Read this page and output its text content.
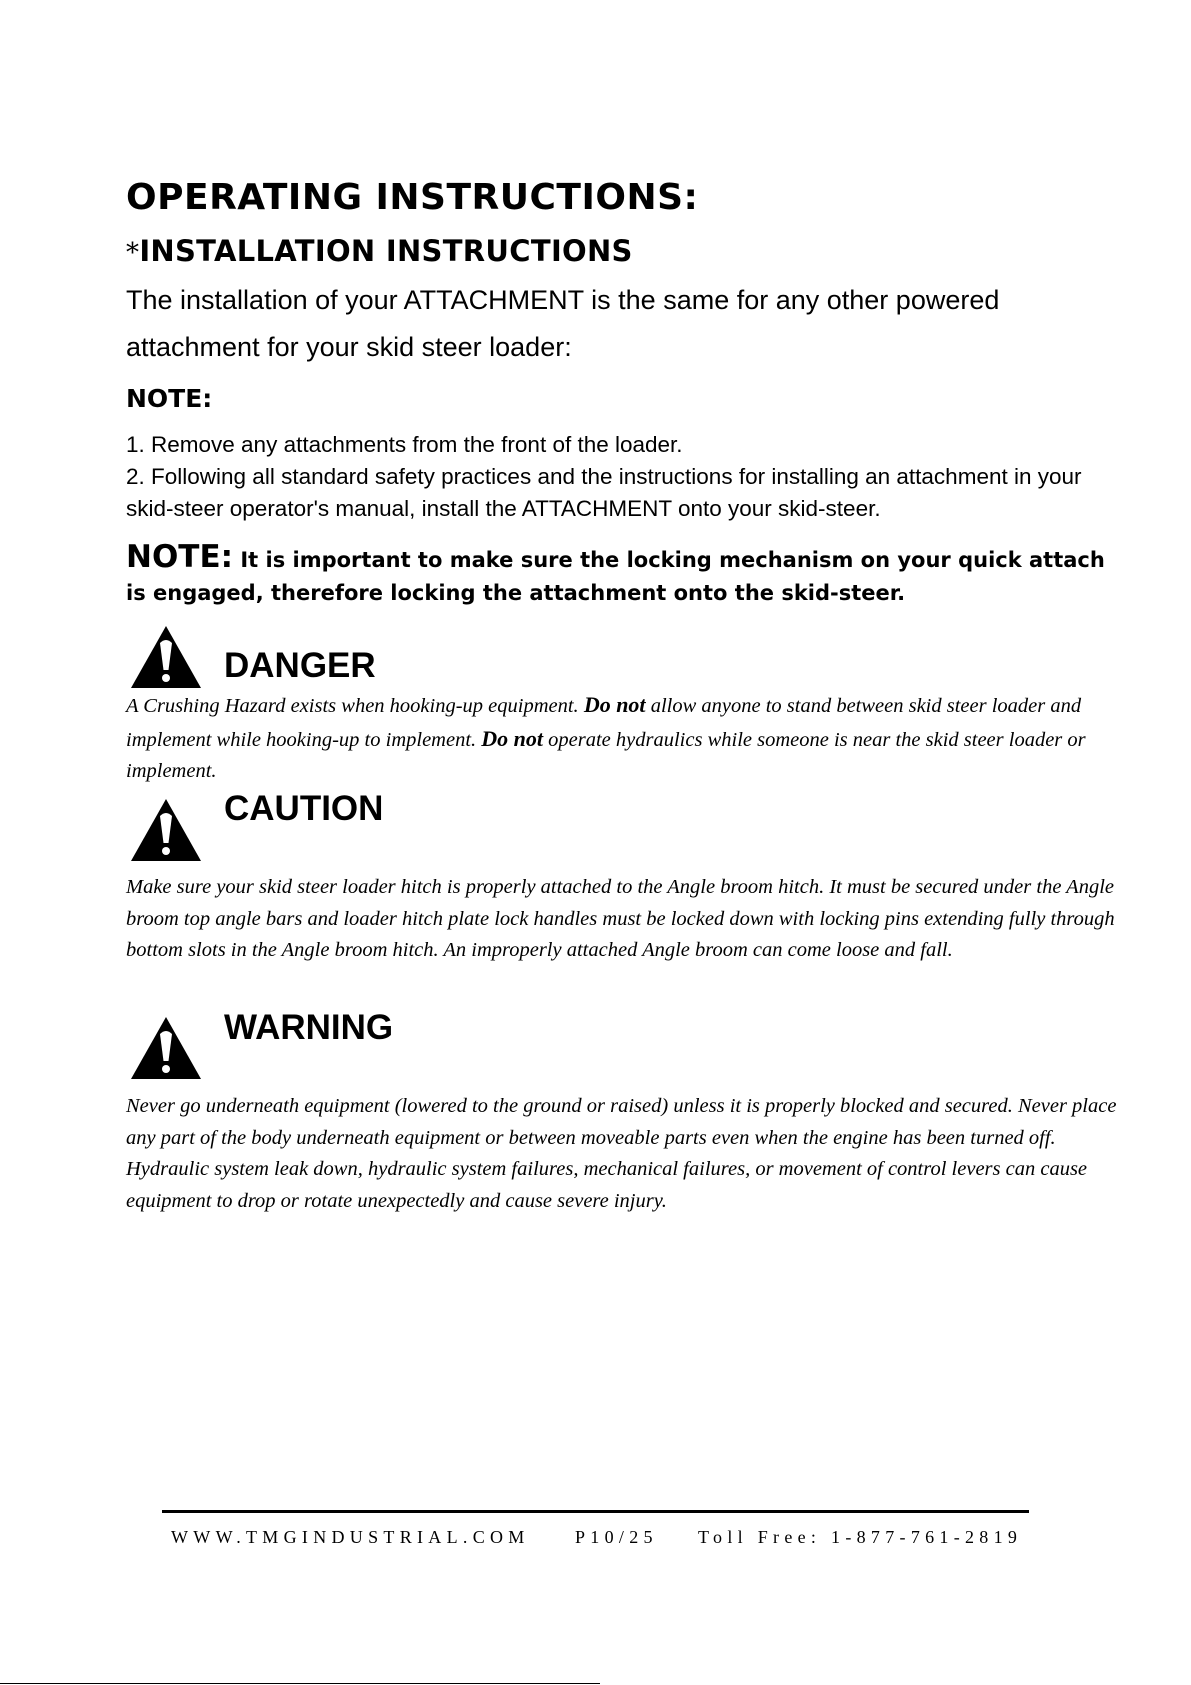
OPERATING INSTRUCTIONS:
*INSTALLATION INSTRUCTIONS
The installation of your ATTACHMENT is the same for any other powered attachment for your skid steer loader:
NOTE:

1. Remove any attachments from the front of the loader.

2. Following all standard safety practices and the instructions for installing an attachment in your skid-steer operator's manual, install the ATTACHMENT onto your skid-steer.

NOTE: It is important to make sure the locking mechanism on your quick attach is engaged, therefore locking the attachment onto the skid-steer.
DANGER
A Crushing Hazard exists when hooking-up equipment. Do not allow anyone to stand between skid steer loader and implement while hooking-up to implement. Do not operate hydraulics while someone is near the skid steer loader or implement.
CAUTION
Make sure your skid steer loader hitch is properly attached to the Angle broom hitch. It must be secured under the Angle broom top angle bars and loader hitch plate lock handles must be locked down with locking pins extending fully through bottom slots in the Angle broom hitch. An improperly attached Angle broom can come loose and fall.
WARNING
Never go underneath equipment (lowered to the ground or raised) unless it is properly blocked and secured. Never place any part of the body underneath equipment or between moveable parts even when the engine has been turned off. Hydraulic system leak down, hydraulic system failures, mechanical failures, or movement of control levers can cause equipment to drop or rotate unexpectedly and cause severe injury.
WWW.TMGINDUSTRIAL.COM	P10/25 Toll Free: 1-877-761-2819
